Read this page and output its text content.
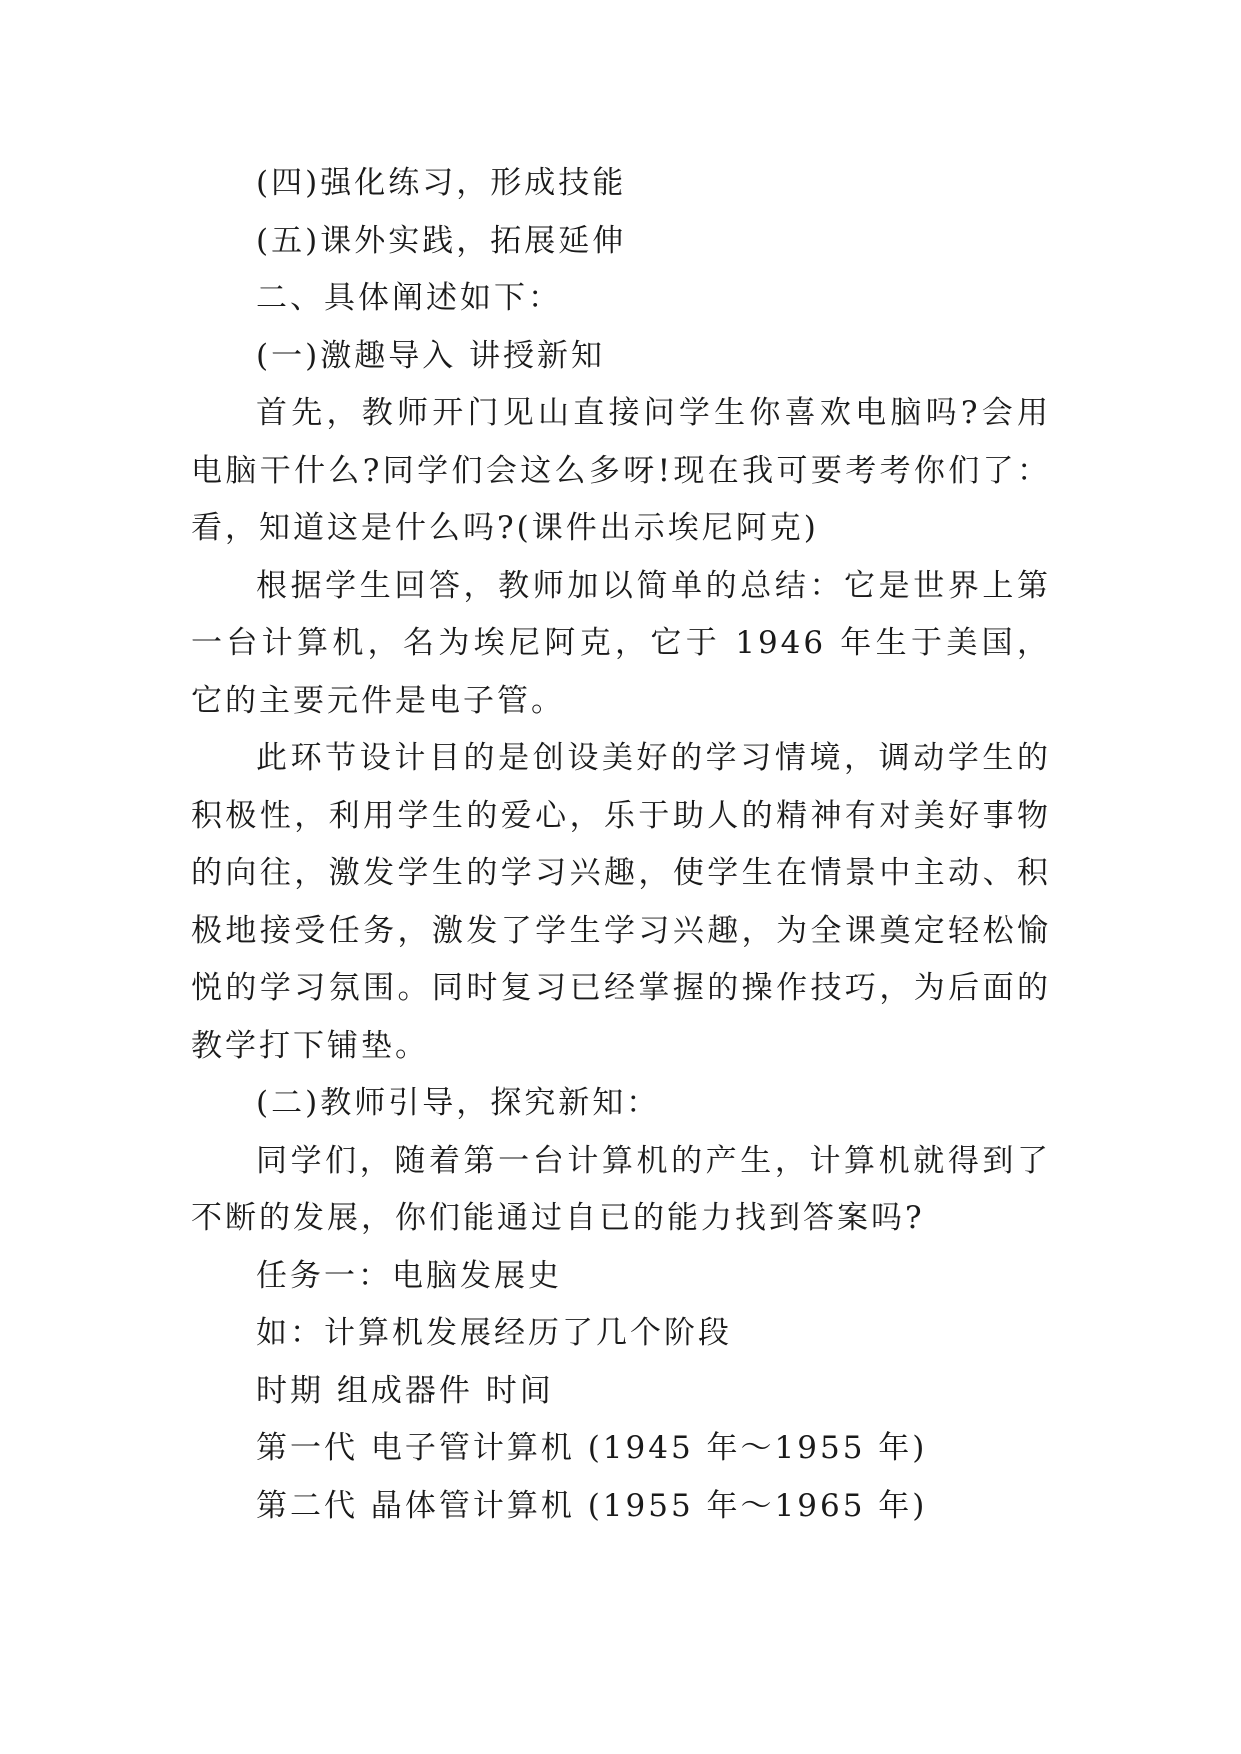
(四)强化练习，形成技能

(五)课外实践，拓展延伸

二、具体阐述如下：

(一)激趣导入 讲授新知

首先，教师开门见山直接问学生你喜欢电脑吗?会用电脑干什么?同学们会这么多呀!现在我可要考考你们了：看，知道这是什么吗?(课件出示埃尼阿克)

根据学生回答，教师加以简单的总结：它是世界上第一台计算机，名为埃尼阿克，它于 1946 年生于美国，它的主要元件是电子管。

此环节设计目的是创设美好的学习情境，调动学生的积极性，利用学生的爱心，乐于助人的精神有对美好事物的向往，激发学生的学习兴趣，使学生在情景中主动、积极地接受任务，激发了学生学习兴趣，为全课奠定轻松愉悦的学习氛围。同时复习已经掌握的操作技巧，为后面的教学打下铺垫。

(二)教师引导，探究新知：

同学们，随着第一台计算机的产生，计算机就得到了不断的发展，你们能通过自已的能力找到答案吗?

任务一：电脑发展史

如：计算机发展经历了几个阶段

时期 组成器件 时间

第一代 电子管计算机 (1945 年～1955 年)

第二代 晶体管计算机 (1955 年～1965 年)
